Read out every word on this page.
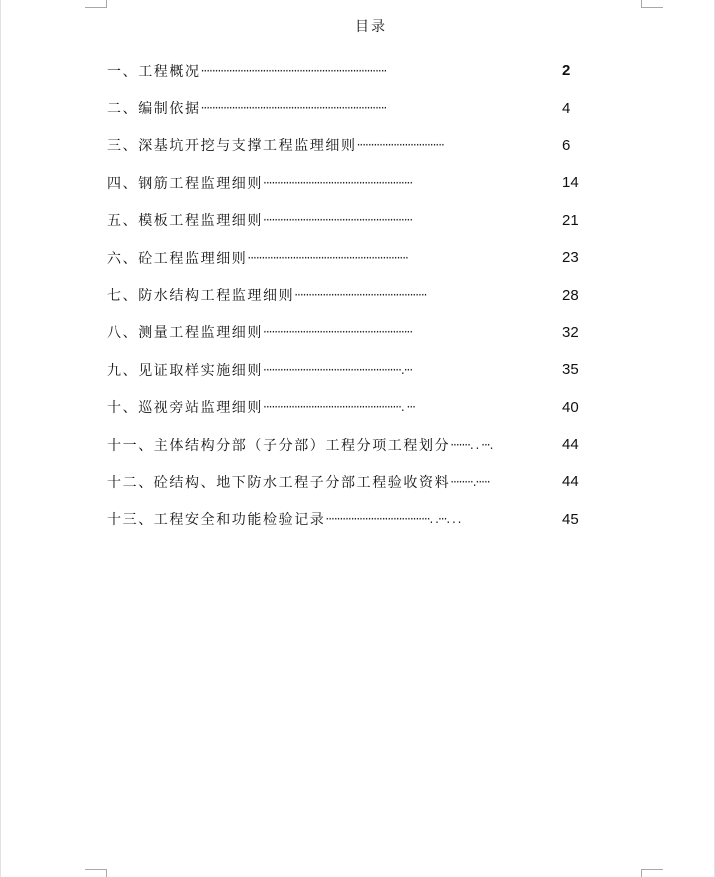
目录
一、工程概况 ··································································	2
二、编制依据 ··································································	4
三、深基坑开挖与支撑工程监理细则 ·······························	6
四、钢筋工程监理细则 ·····················································	14
五、模板工程监理细则 ·····················································	21
六、砼工程监理细则 ·························································	23
七、防水结构工程监理细则 ···············································	28
八、测量工程监理细则 ·····················································	32
九、见证取样实施细则 ·················································.···	35
十、巡视旁站监理细则 ·················································. ···	40
十一、主体结构分部（子分部）工程分项工程划分 ·······. . ···.	44
十二、砼结构、地下防水工程子分部工程验收资料 ········.·····	44
十三、工程安全和功能检验记录 ·····································. .···. . .	45
